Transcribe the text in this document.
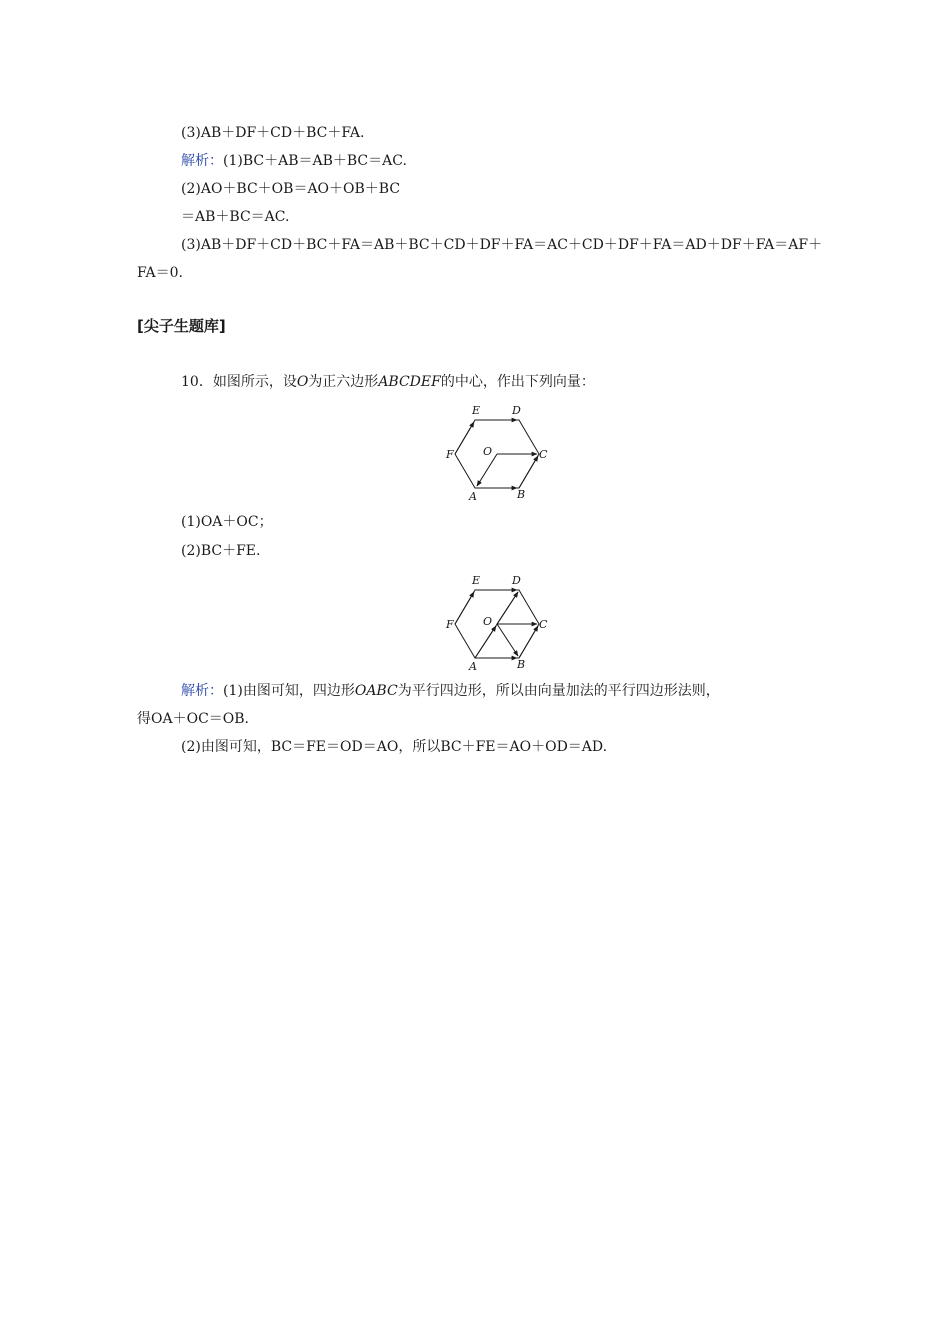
(3)AB＋DF＋CD＋BC＋FA.
解析：(1)BC＋AB＝AB＋BC＝AC.
(2)AO＋BC＋OB＝AO＋OB＋BC
＝AB＋BC＝AC.
(3)AB＋DF＋CD＋BC＋FA＝AB＋BC＋CD＋DF＋FA＝AC＋CD＋DF＋FA＝AD＋DF＋FA＝AF＋
FA＝0.
[尖子生题库]
10．如图所示，设O为正六边形ABCDEF的中心，作出下列向量：
E	D
F	O	C
A	B
(1)OA＋OC；
(2)BC＋FE.
E	D
F	O	C
A	B
解析：(1)由图可知，四边形OABC为平行四边形，所以由向量加法的平行四边形法则，
得OA＋OC＝OB.
(2)由图可知，BC＝FE＝OD＝AO，所以BC＋FE＝AO＋OD＝AD.
